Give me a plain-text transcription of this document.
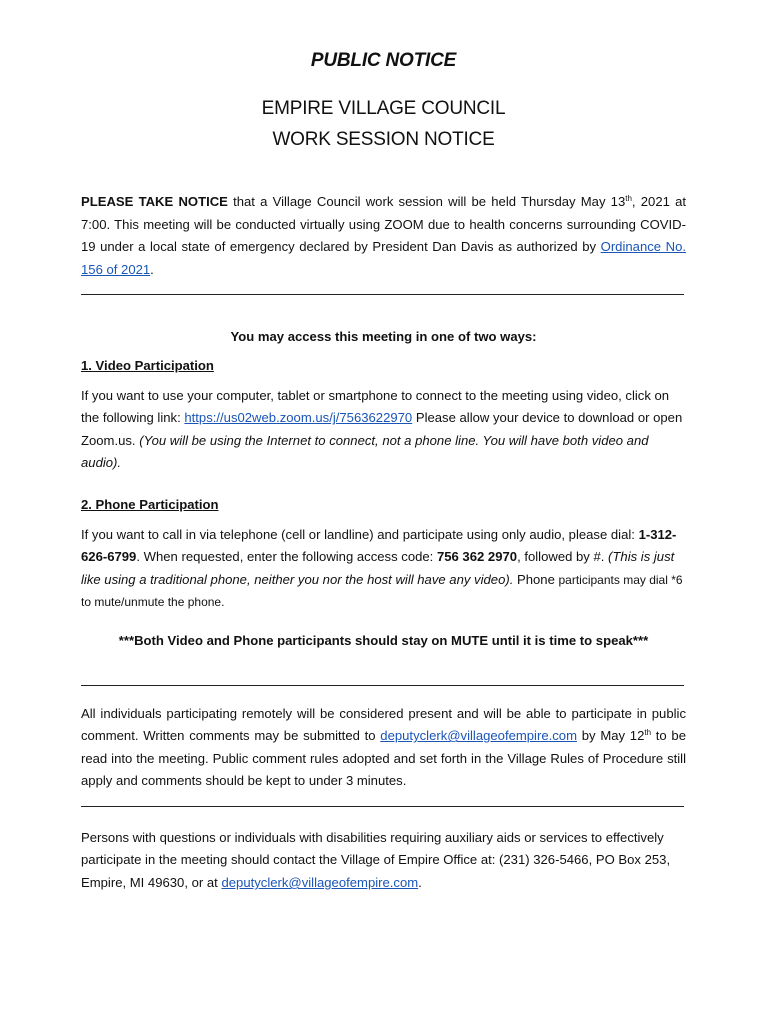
PUBLIC NOTICE
EMPIRE VILLAGE COUNCIL
WORK SESSION NOTICE

PLEASE TAKE NOTICE that a Village Council work session will be held Thursday May 13th, 2021 at 7:00. This meeting will be conducted virtually using ZOOM due to health concerns surrounding COVID-19 under a local state of emergency declared by President Dan Davis as authorized by Ordinance No. 156 of 2021.

You may access this meeting in one of two ways:

1. Video Participation

If you want to use your computer, tablet or smartphone to connect to the meeting using video, click on the following link: https://us02web.zoom.us/j/7563622970 Please allow your device to download or open Zoom.us. (You will be using the Internet to connect, not a phone line. You will have both video and audio).

2. Phone Participation

If you want to call in via telephone (cell or landline) and participate using only audio, please dial: 1-312-626-6799. When requested, enter the following access code: 756 362 2970, followed by #. (This is just like using a traditional phone, neither you nor the host will have any video). Phone participants may dial *6 to mute/unmute the phone.

***Both Video and Phone participants should stay on MUTE until it is time to speak***

All individuals participating remotely will be considered present and will be able to participate in public comment. Written comments may be submitted to deputyclerk@villageofempire.com by May 12th to be read into the meeting. Public comment rules adopted and set forth in the Village Rules of Procedure still apply and comments should be kept to under 3 minutes.

Persons with questions or individuals with disabilities requiring auxiliary aids or services to effectively participate in the meeting should contact the Village of Empire Office at: (231) 326-5466, PO Box 253, Empire, MI 49630, or at deputyclerk@villageofempire.com.
